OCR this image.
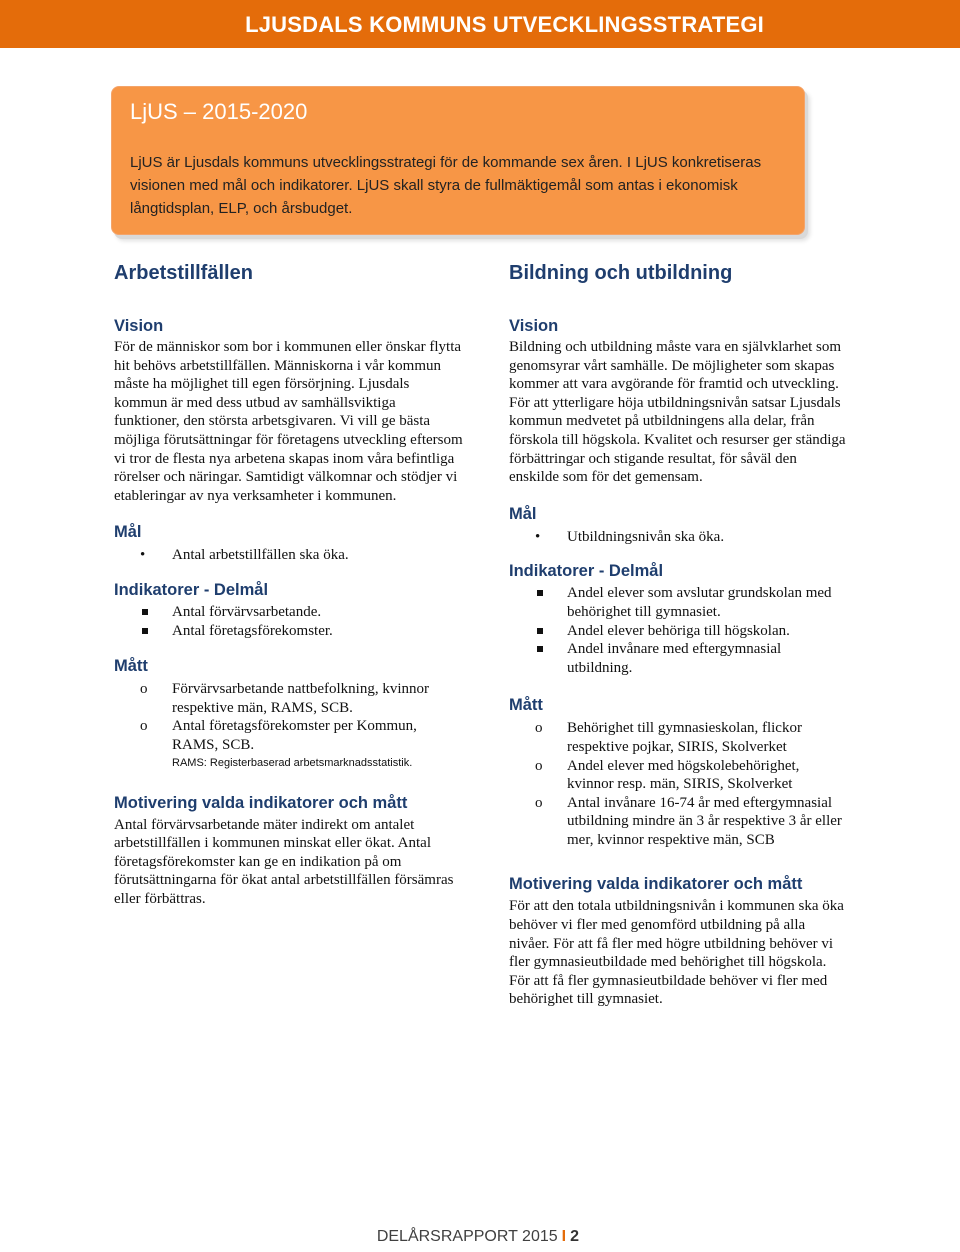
LJUSDALS KOMMUNS UTVECKLINGSSTRATEGI
LjUS – 2015-2020
LjUS är Ljusdals kommuns utvecklingsstrategi för de kommande sex åren. I LjUS konkretiseras visionen med mål och indikatorer. LjUS skall styra de fullmäktigemål som antas i ekonomisk långtidsplan, ELP, och årsbudget.
Arbetstillfällen
Vision

För de människor som bor i kommunen eller önskar flytta hit behövs arbetstillfällen. Människorna i vår kommun måste ha möjlighet till egen försörjning. Ljusdals kommun är med dess utbud av samhällsviktiga funktioner, den största arbetsgivaren. Vi vill ge bästa möjliga förutsättningar för företagens utveckling eftersom vi tror de flesta nya arbetena skapas inom våra befintliga rörelser och näringar. Samtidigt välkomnar och stödjer vi etableringar av nya verksamheter i kommunen.

Mål
• Antal arbetstillfällen ska öka.
Indikatorer - Delmål
Antal förvärvsarbetande.
Antal företagsförekomster.
Mått
o Förvärvsarbetande nattbefolkning, kvinnor respektive män, RAMS, SCB.
o Antal företagsförekomster per Kommun, RAMS, SCB.

RAMS: Registerbaserad arbetsmarknadsstatistik.

Motivering valda indikatorer och mått

Antal förvärvsarbetande mäter indirekt om antalet arbetstillfällen i kommunen minskat eller ökat. Antal företagsförekomster kan ge en indikation på om förutsättningarna för ökat antal arbetstillfällen försämras eller förbättras.

Bildning och utbildning
Vision

Bildning och utbildning måste vara en självklarhet som genomsyrar vårt samhälle. De möjligheter som skapas kommer att vara avgörande för framtid och utveckling. För att ytterligare höja utbildningsnivån satsar Ljusdals kommun medvetet på utbildningens alla delar, från förskola till högskola. Kvalitet och resurser ger ständiga förbättringar och stigande resultat, för såväl den enskilde som för det gemensam.

Mål
• Utbildningsnivån ska öka.
Indikatorer - Delmål
Andel elever som avslutar grundskolan med behörighet till gymnasiet.
Andel elever behöriga till högskolan.
Andel invånare med eftergymnasial utbildning.
Mått
o Behörighet till gymnasieskolan, flickor respektive pojkar, SIRIS, Skolverket
o Andel elever med högskolebehörighet, kvinnor resp. män, SIRIS, Skolverket
o Antal invånare 16-74 år med eftergymnasial utbildning mindre än 3 år respektive 3 år eller mer, kvinnor respektive män, SCB
Motivering valda indikatorer och mått

För att den totala utbildningsnivån i kommunen ska öka behöver vi fler med genomförd utbildning på alla nivåer. För att få fler med högre utbildning behöver vi fler gymnasieutbildade med behörighet till högskola. För att få fler gymnasieutbildade behöver vi fler med behörighet till gymnasiet.

DELÅRSRAPPORT 2015 I 2
